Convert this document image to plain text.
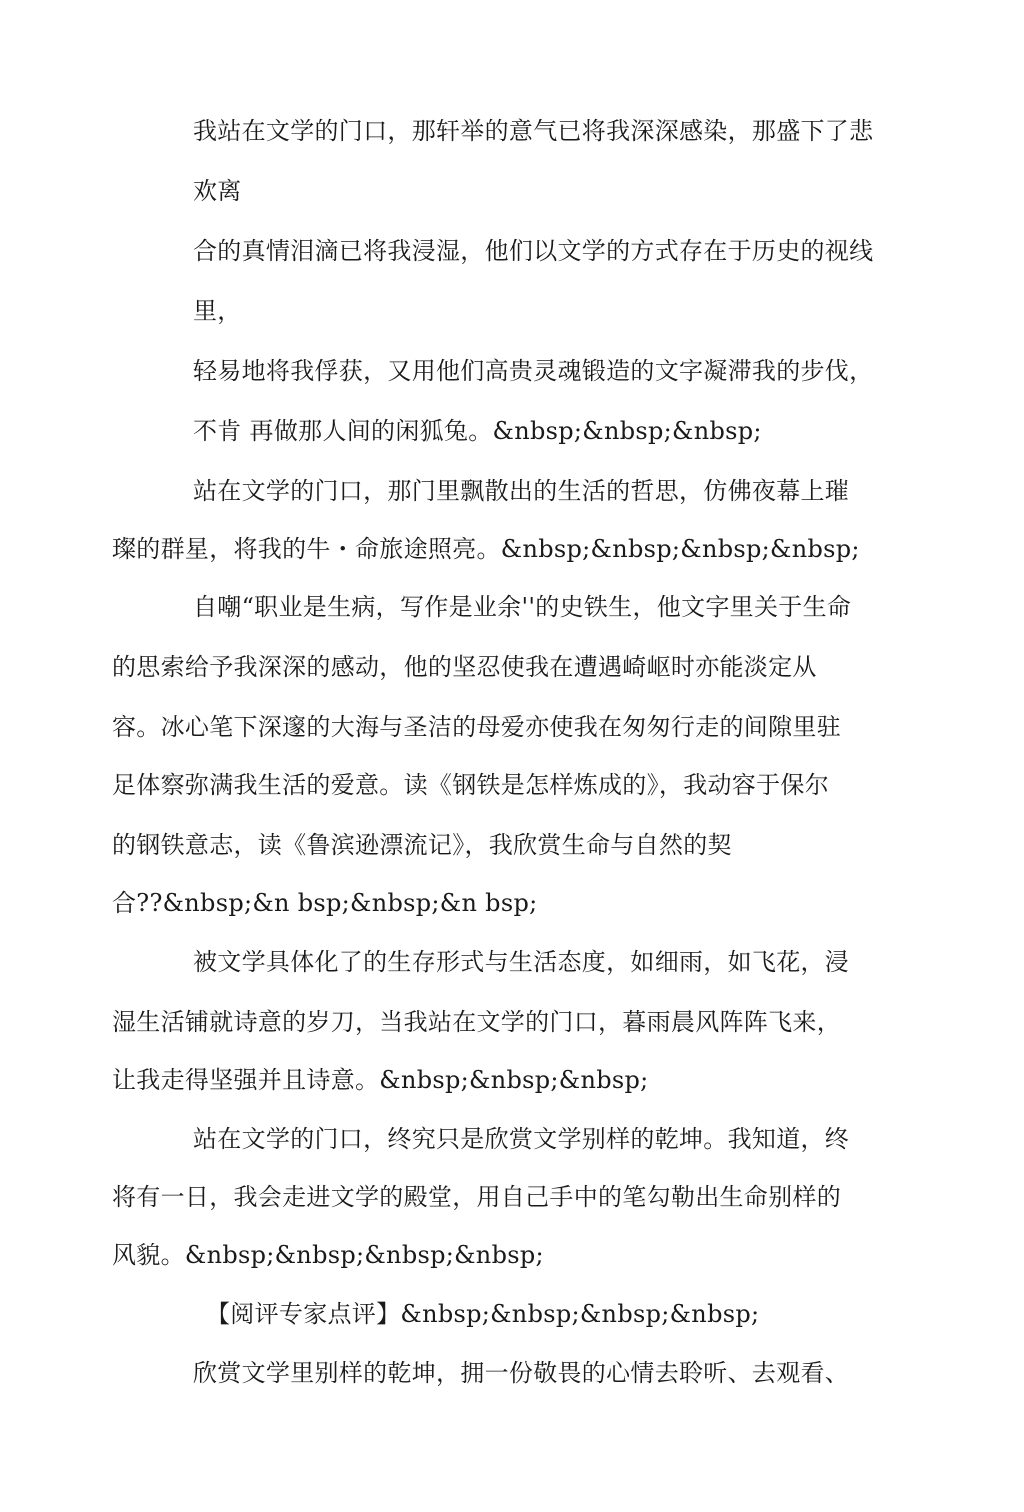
我站在文学的门口，那轩举的意气已将我深深感染，那盛下了悲
欢离
合的真情泪滴已将我浸湿，他们以文学的方式存在于历史的视线
里，
轻易地将我俘获，又用他们高贵灵魂锻造的文字凝滞我的步伐，
不肯 再做那人间的闲狐兔。&nbsp;&nbsp;&nbsp;
站在文学的门口，那门里飘散出的生活的哲思，仿佛夜幕上璀
璨的群星，将我的牛・命旅途照亮。&nbsp;&nbsp;&nbsp;&nbsp;
自嘲“职业是生病，写作是业余''的史铁生，他文字里关于生命
的思索给予我深深的感动，他的坚忍使我在遭遇崎岖时亦能淡定从
容。冰心笔下深邃的大海与圣洁的母爱亦使我在匆匆行走的间隙里驻
足体察弥满我生活的爱意。读《钢铁是怎样炼成的》，我动容于保尔
的钢铁意志，读《鲁滨逊漂流记》，我欣赏生命与自然的契
合??&nbsp;&n bsp;&nbsp;&n bsp;
被文学具体化了的生存形式与生活态度，如细雨，如飞花，浸
湿生活铺就诗意的岁刀，当我站在文学的门口，暮雨晨风阵阵飞来，
让我走得坚强并且诗意。&nbsp;&nbsp;&nbsp;
站在文学的门口，终究只是欣赏文学别样的乾坤。我知道，终
将有一日，我会走进文学的殿堂，用自己手中的笔勾勒出生命别样的
风貌。&nbsp;&nbsp;&nbsp;&nbsp;
【阅评专家点评】&nbsp;&nbsp;&nbsp;&nbsp;
欣赏文学里别样的乾坤，拥一份敬畏的心情去聆听、去观看、
